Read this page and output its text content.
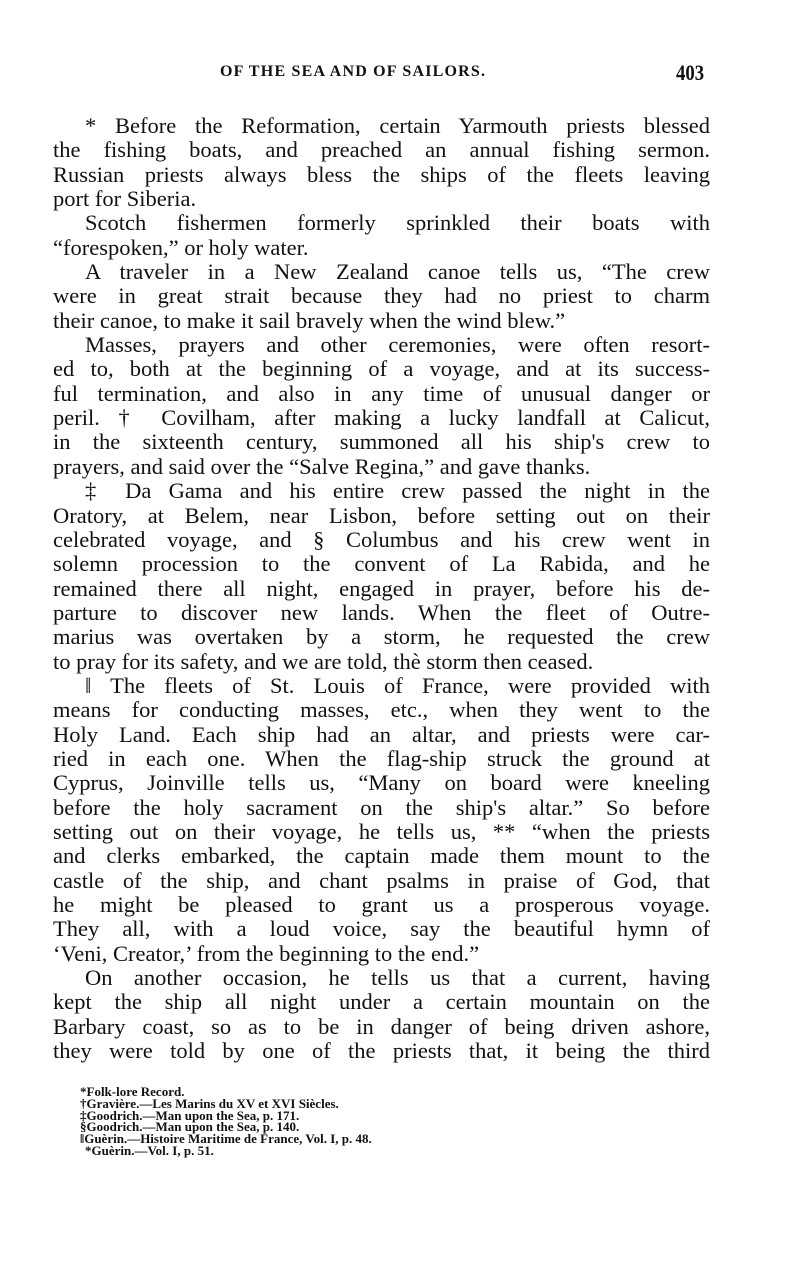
OF THE SEA AND OF SAILORS.	403
* Before the Reformation, certain Yarmouth priests blessed
the fishing boats, and preached an annual fishing sermon.
Russian priests always bless the ships of the fleets leaving
port for Siberia.
Scotch fishermen formerly sprinkled their boats with
“forespoken,” or holy water.
A traveler in a New Zealand canoe tells us, “The crew
were in great strait because they had no priest to charm
their canoe, to make it sail bravely when the wind blew.”
Masses, prayers and other ceremonies, were often resort-
ed to, both at the beginning of a voyage, and at its success-
ful termination, and also in any time of unusual danger or
peril. † Covilham, after making a lucky landfall at Calicut,
in the sixteenth century, summoned all his ship's crew to
prayers, and said over the “Salve Regina,” and gave thanks.
‡ Da Gama and his entire crew passed the night in the
Oratory, at Belem, near Lisbon, before setting out on their
celebrated voyage, and § Columbus and his crew went in
solemn procession to the convent of La Rabida, and he
remained there all night, engaged in prayer, before his de-
parture to discover new lands. When the fleet of Outre-
marius was overtaken by a storm, he requested the crew
to pray for its safety, and we are told, thè storm then ceased.
‖ The fleets of St. Louis of France, were provided with
means for conducting masses, etc., when they went to the
Holy Land. Each ship had an altar, and priests were car-
ried in each one. When the flag-ship struck the ground at
Cyprus, Joinville tells us, “Many on board were kneeling
before the holy sacrament on the ship's altar.” So before
setting out on their voyage, he tells us, ** “when the priests
and clerks embarked, the captain made them mount to the
castle of the ship, and chant psalms in praise of God, that
he might be pleased to grant us a prosperous voyage.
They all, with a loud voice, say the beautiful hymn of
‘Veni, Creator,’ from the beginning to the end.”
On another occasion, he tells us that a current, having
kept the ship all night under a certain mountain on the
Barbary coast, so as to be in danger of being driven ashore,
they were told by one of the priests that, it being the third
*Folk-lore Record.
†Gravière.—Les Marins du XV et XVI Siècles.
‡Goodrich.—Man upon the Sea, p. 171.
§Goodrich.—Man upon the Sea, p. 140.
‖Guèrin.—Histoire Maritime de France, Vol. I, p. 48.
*Guèrin.—Vol. I, p. 51.
